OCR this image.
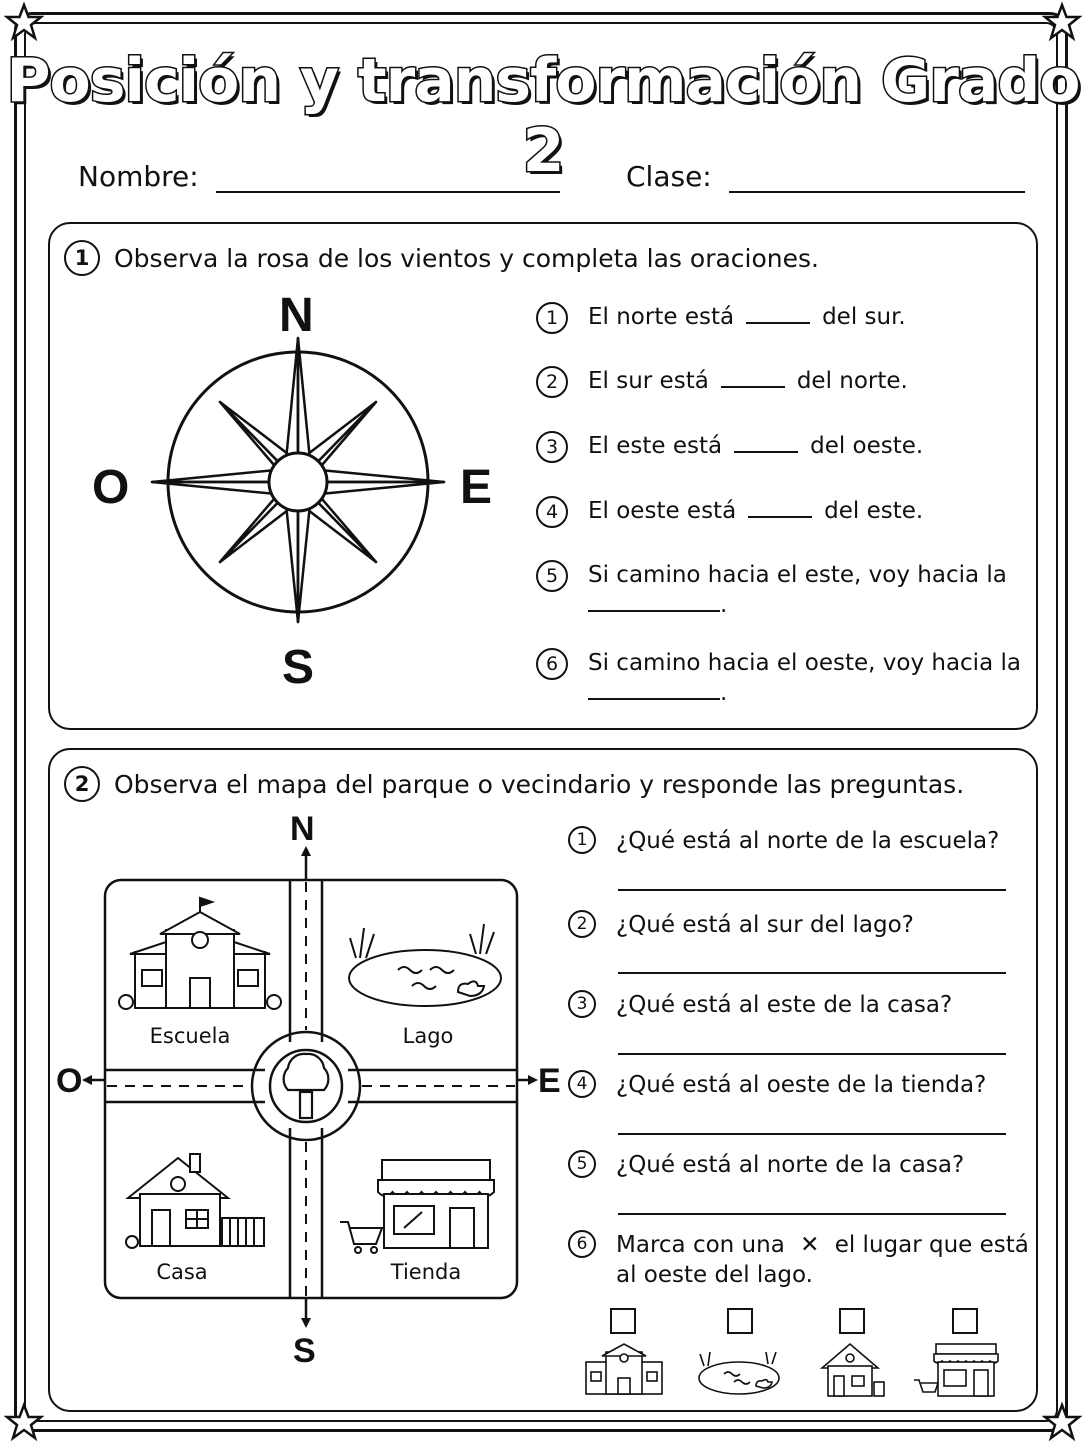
Posición y transformación Grado 2
Nombre:	Clase:
1 Observa la rosa de los vientos y completa las oraciones.
N
S
E
O
1	El norte está	del sur.
2	El sur está	del norte.
3	El este está	del oeste.
4	El oeste está	del este.
5	Si camino hacia el este, voy hacia la
.
6	Si camino hacia el oeste, voy hacia la
.
2 Observa el mapa del parque o vecindario y responde las preguntas.
N
S
E
O
Escuela	Lago
Casa	Tienda
1	¿Qué está al norte de la escuela?
2	¿Qué está al sur del lago?
3	¿Qué está al este de la casa?
4	¿Qué está al oeste de la tienda?
5	¿Qué está al norte de la casa?
6	Marca con una ✕ el lugar que está
al oeste del lago.
